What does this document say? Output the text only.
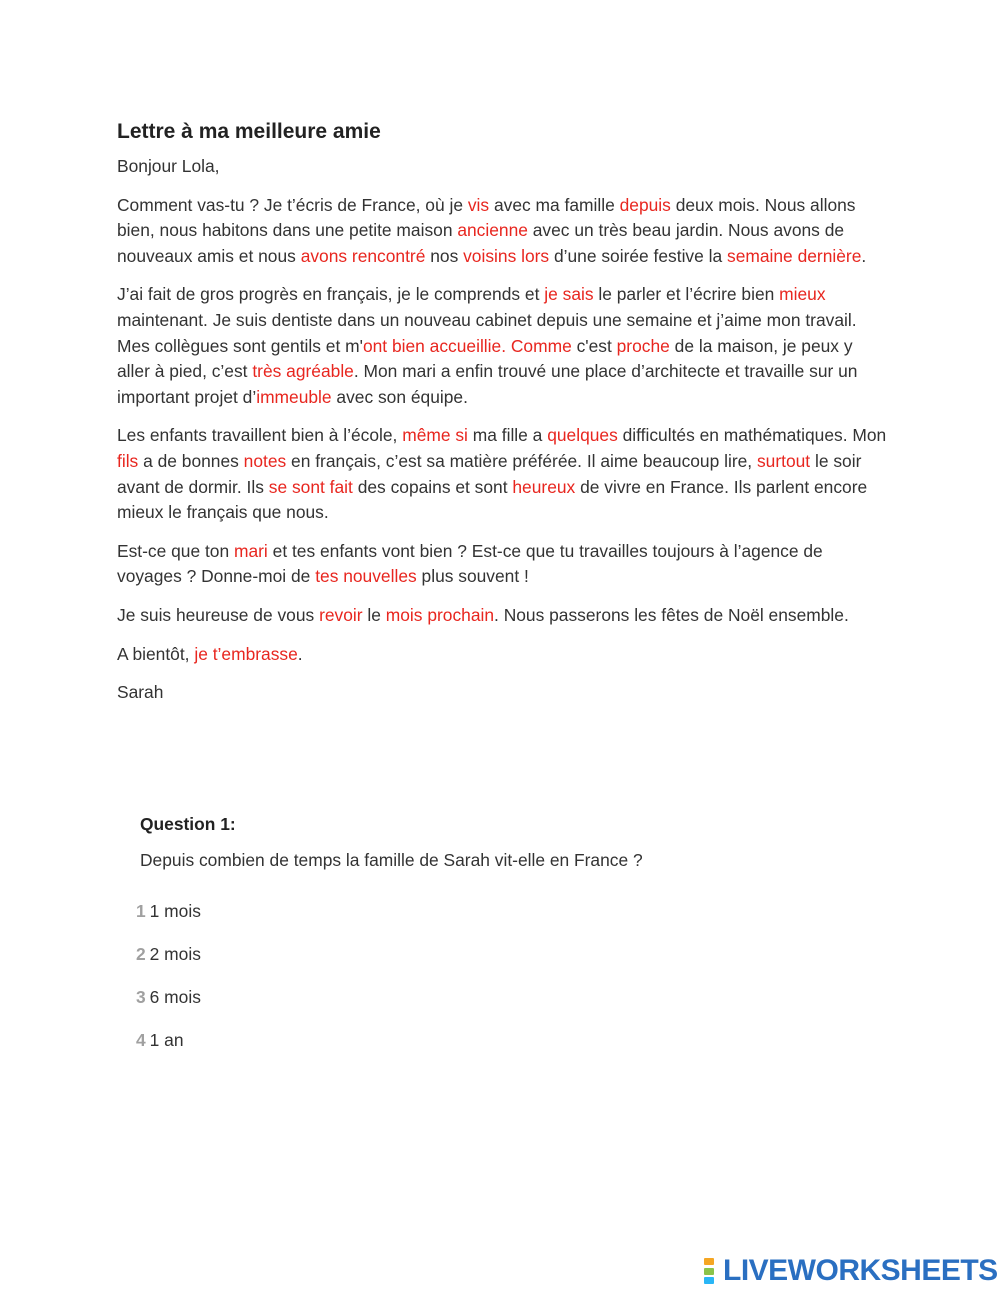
Lettre à ma meilleure amie

Bonjour Lola,

Comment vas-tu ? Je t’écris de France, où je vis avec ma famille depuis deux mois. Nous allons bien, nous habitons dans une petite maison ancienne avec un très beau jardin. Nous avons de nouveaux amis et nous avons rencontré nos voisins lors d’une soirée festive la semaine dernière.

J’ai fait de gros progrès en français, je le comprends et je sais le parler et l’écrire bien mieux maintenant. Je suis dentiste dans un nouveau cabinet depuis une semaine et j’aime mon travail. Mes collègues sont gentils et m'ont bien accueillie. Comme c'est proche de la maison, je peux y aller à pied, c’est très agréable. Mon mari a enfin trouvé une place d’architecte et travaille sur un important projet d’immeuble avec son équipe.

Les enfants travaillent bien à l’école, même si ma fille a quelques difficultés en mathématiques. Mon fils a de bonnes notes en français, c’est sa matière préférée. Il aime beaucoup lire, surtout le soir avant de dormir. Ils se sont fait des copains et sont heureux de vivre en France. Ils parlent encore mieux le français que nous.

Est-ce que ton mari et tes enfants vont bien ? Est-ce que tu travailles toujours à l’agence de voyages ? Donne-moi de tes nouvelles plus souvent !

Je suis heureuse de vous revoir le mois prochain. Nous passerons les fêtes de Noël ensemble.

A bientôt, je t’embrasse.

Sarah

Question 1:

Depuis combien de temps la famille de Sarah vit-elle en France ?

1 1 mois
2 2 mois
3 6 mois
4 1 an
LIVEWORKSHEETS
